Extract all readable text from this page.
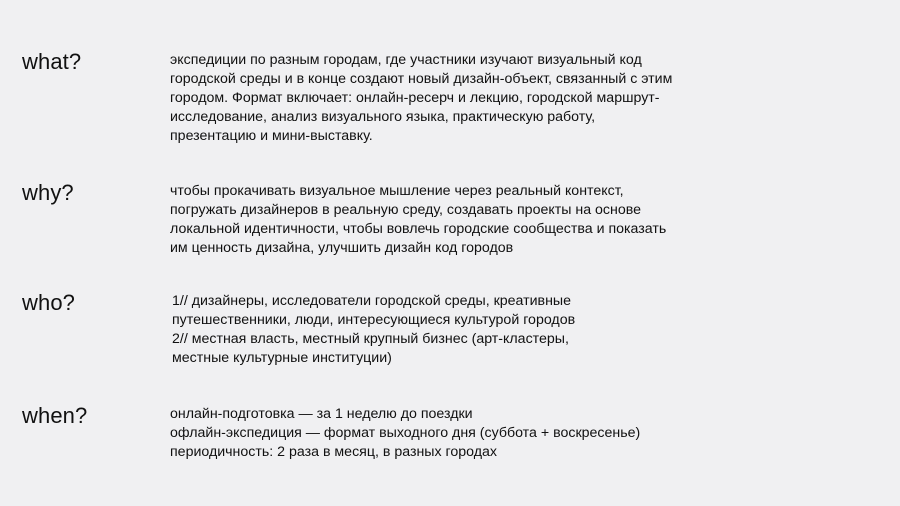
what?	экспедиции по разным городам, где участники изучают визуальный код
городской среды и в конце создают новый дизайн-объект, связанный с этим
городом. Формат включает: онлайн-ресерч и лекцию, городской маршрут-
исследование, анализ визуального языка, практическую работу,
презентацию и мини-выставку.
why?	чтобы прокачивать визуальное мышление через реальный контекст,
погружать дизайнеров в реальную среду, создавать проекты на основе
локальной идентичности, чтобы вовлечь городские сообщества и показать
им ценность дизайна, улучшить дизайн код городов
who?	1// дизайнеры, исследователи городской среды, креативные
путешественники, люди, интересующиеся культурой городов
2// местная власть, местный крупный бизнес (арт-кластеры,
местные культурные институции)
when?	онлайн-подготовка — за 1 неделю до поездки
офлайн-экспедиция — формат выходного дня (суббота + воскресенье)
периодичность: 2 раза в месяц, в разных городах
